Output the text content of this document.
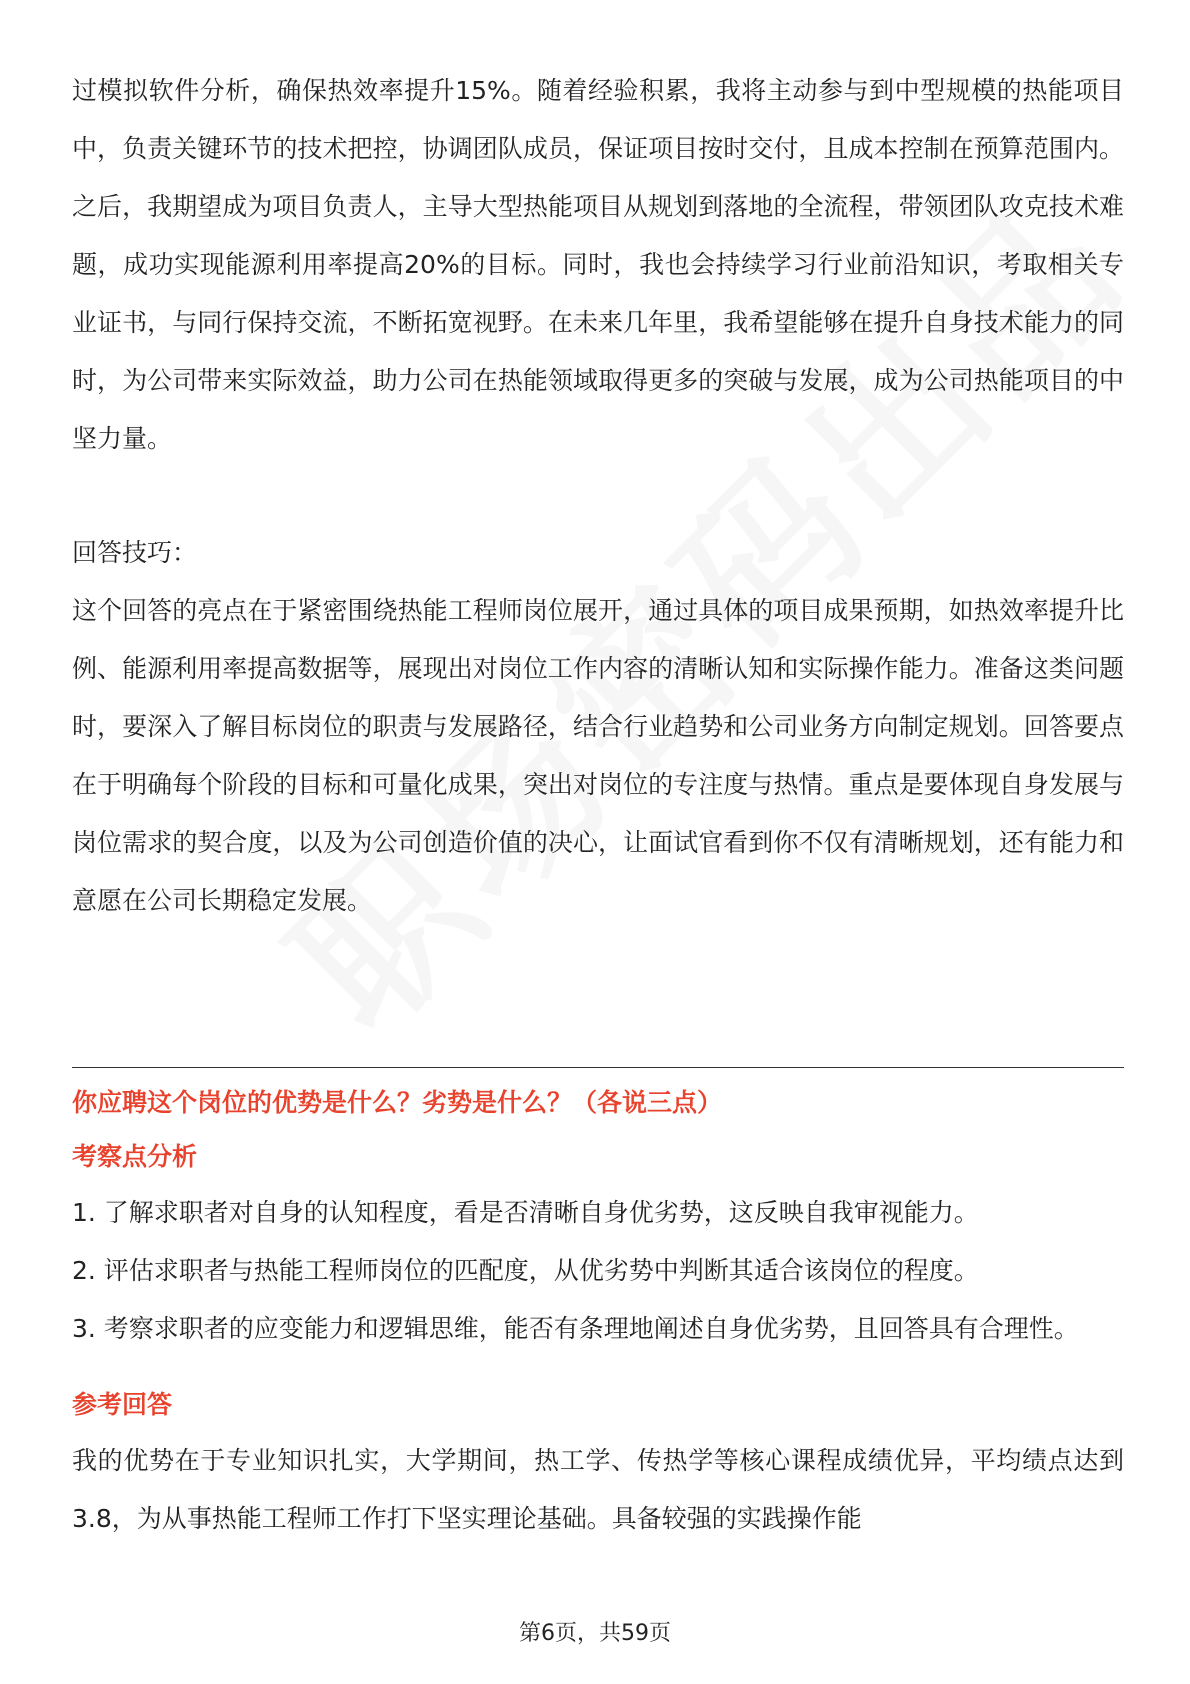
过模拟软件分析，确保热效率提升15%。随着经验积累，我将主动参与到中型规模的热能项目中，负责关键环节的技术把控，协调团队成员，保证项目按时交付，且成本控制在预算范围内。之后，我期望成为项目负责人，主导大型热能项目从规划到落地的全流程，带领团队攻克技术难题，成功实现能源利用率提高20%的目标。同时，我也会持续学习行业前沿知识，考取相关专业证书，与同行保持交流，不断拓宽视野。在未来几年里，我希望能够在提升自身技术能力的同时，为公司带来实际效益，助力公司在热能领域取得更多的突破与发展，成为公司热能项目的中坚力量。

回答技巧：

这个回答的亮点在于紧密围绕热能工程师岗位展开，通过具体的项目成果预期，如热效率提升比例、能源利用率提高数据等，展现出对岗位工作内容的清晰认知和实际操作能力。准备这类问题时，要深入了解目标岗位的职责与发展路径，结合行业趋势和公司业务方向制定规划。回答要点在于明确每个阶段的目标和可量化成果，突出对岗位的专注度与热情。重点是要体现自身发展与岗位需求的契合度，以及为公司创造价值的决心，让面试官看到你不仅有清晰规划，还有能力和意愿在公司长期稳定发展。

你应聘这个岗位的优势是什么？劣势是什么？（各说三点）

考察点分析

1. 了解求职者对自身的认知程度，看是否清晰自身优劣势，这反映自我审视能力。

2. 评估求职者与热能工程师岗位的匹配度，从优劣势中判断其适合该岗位的程度。

3. 考察求职者的应变能力和逻辑思维，能否有条理地阐述自身优劣势，且回答具有合理性。

参考回答

我的优势在于专业知识扎实，大学期间，热工学、传热学等核心课程成绩优异，平均绩点达到3.8，为从事热能工程师工作打下坚实理论基础。具备较强的实践操作能

第6页，共59页
